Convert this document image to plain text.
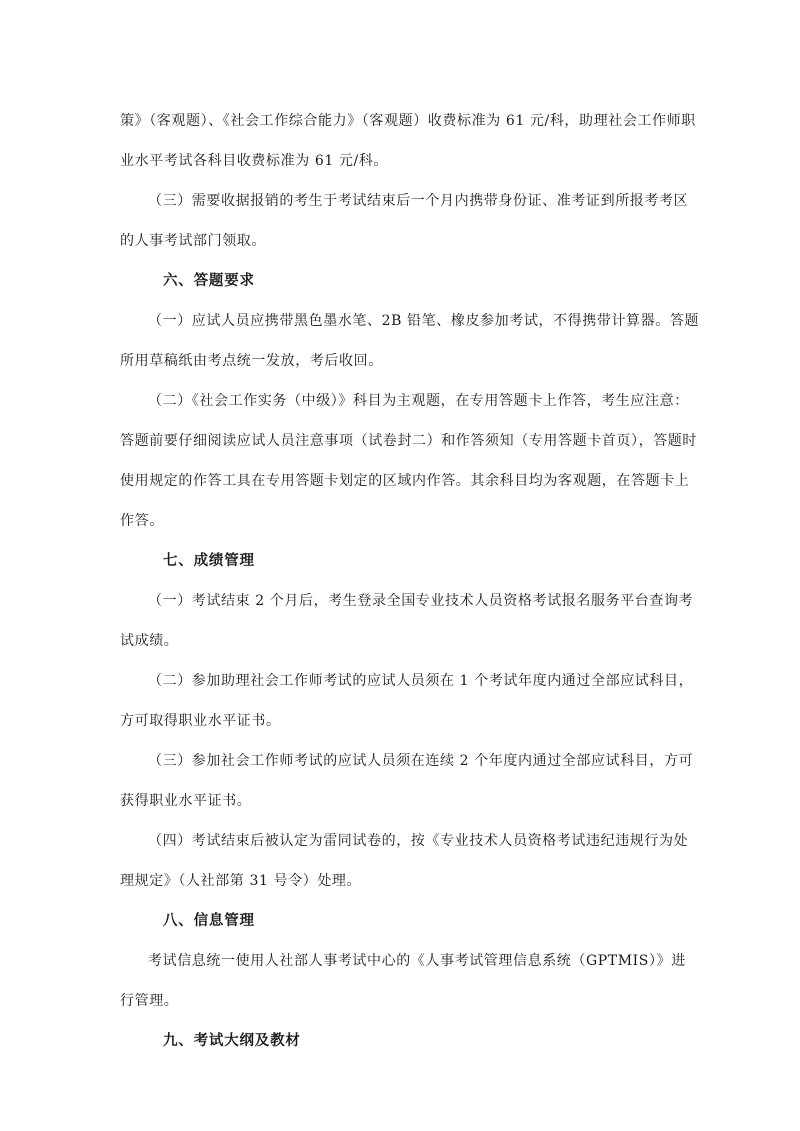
策》（客观题）、《社会工作综合能力》（客观题）收费标准为 61 元/科，助理社会工作师职
业水平考试各科目收费标准为 61 元/科。
（三）需要收据报销的考生于考试结束后一个月内携带身份证、准考证到所报考考区
的人事考试部门领取。
六、答题要求
（一）应试人员应携带黑色墨水笔、2B 铅笔、橡皮参加考试，不得携带计算器。答题
所用草稿纸由考点统一发放，考后收回。
（二）《社会工作实务（中级）》科目为主观题，在专用答题卡上作答，考生应注意：
答题前要仔细阅读应试人员注意事项（试卷封二）和作答须知（专用答题卡首页），答题时
使用规定的作答工具在专用答题卡划定的区域内作答。其余科目均为客观题，在答题卡上
作答。
七、成绩管理
（一）考试结束 2 个月后，考生登录全国专业技术人员资格考试报名服务平台查询考
试成绩。
（二）参加助理社会工作师考试的应试人员须在 1 个考试年度内通过全部应试科目，
方可取得职业水平证书。
（三）参加社会工作师考试的应试人员须在连续 2 个年度内通过全部应试科目，方可
获得职业水平证书。
（四）考试结束后被认定为雷同试卷的，按《专业技术人员资格考试违纪违规行为处
理规定》（人社部第 31 号令）处理。
八、信息管理
考试信息统一使用人社部人事考试中心的《人事考试管理信息系统（GPTMIS）》进
行管理。
九、考试大纲及教材
